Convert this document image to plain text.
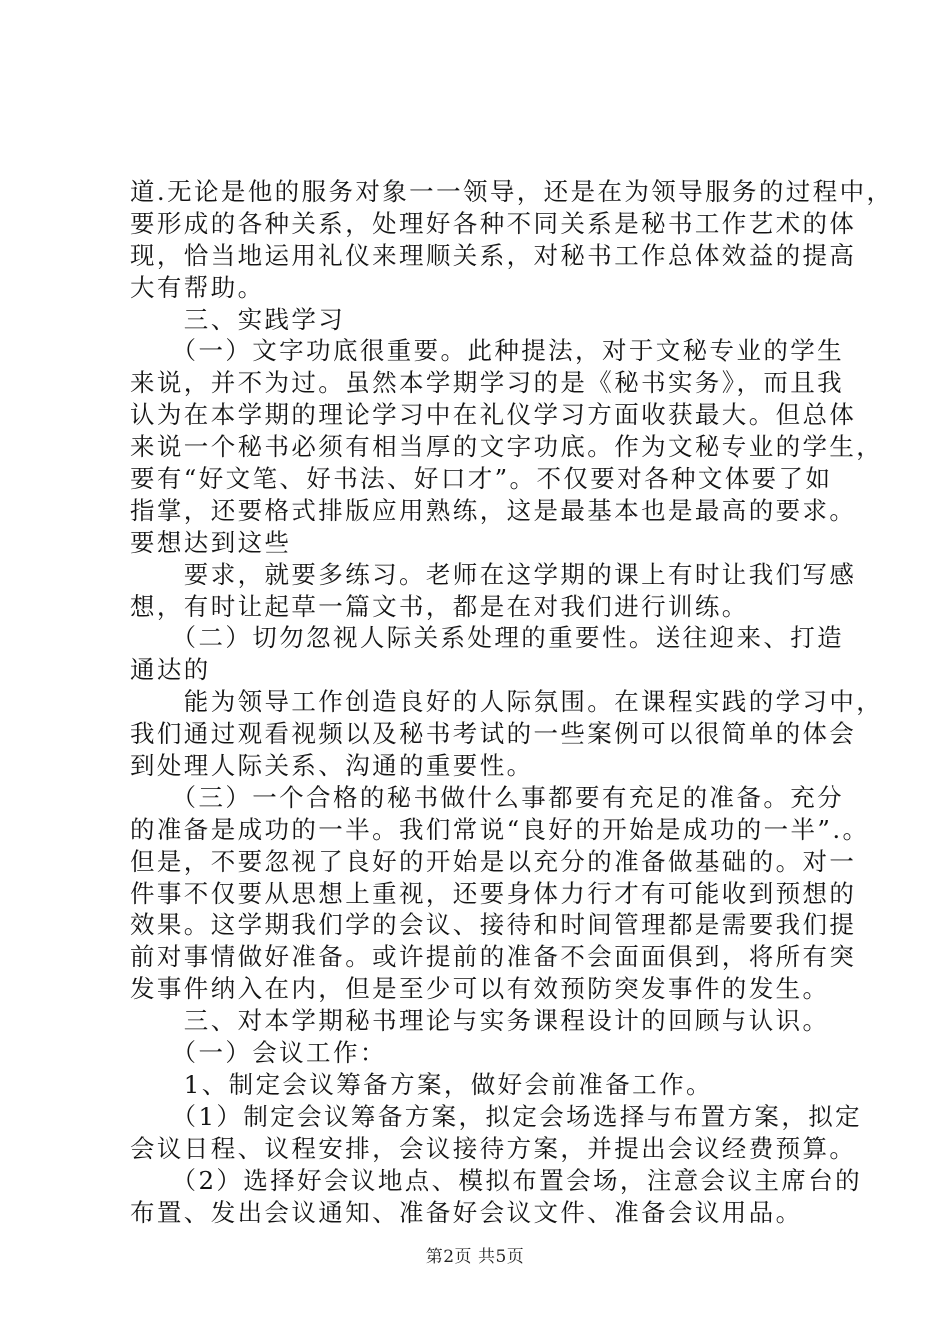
道.无论是他的服务对象一一领导，还是在为领导服务的过程中，
要形成的各种关系，处理好各种不同关系是秘书工作艺术的体
现，恰当地运用礼仪来理顺关系，对秘书工作总体效益的提高
大有帮助。
　　三、实践学习
　　（一）文字功底很重要。此种提法，对于文秘专业的学生
来说，并不为过。虽然本学期学习的是《秘书实务》，而且我
认为在本学期的理论学习中在礼仪学习方面收获最大。但总体
来说一个秘书必须有相当厚的文字功底。作为文秘专业的学生，
要有“好文笔、好书法、好口才”。不仅要对各种文体要了如
指掌，还要格式排版应用熟练，这是最基本也是最高的要求。
要想达到这些
　　要求，就要多练习。老师在这学期的课上有时让我们写感
想，有时让起草一篇文书，都是在对我们进行训练。
　　（二）切勿忽视人际关系处理的重要性。送往迎来、打造
通达的
　　能为领导工作创造良好的人际氛围。在课程实践的学习中，
我们通过观看视频以及秘书考试的一些案例可以很简单的体会
到处理人际关系、沟通的重要性。
　　（三）一个合格的秘书做什么事都要有充足的准备。充分
的准备是成功的一半。我们常说“良好的开始是成功的一半”.。
但是，不要忽视了良好的开始是以充分的准备做基础的。对一
件事不仅要从思想上重视，还要身体力行才有可能收到预想的
效果。这学期我们学的会议、接待和时间管理都是需要我们提
前对事情做好准备。或许提前的准备不会面面俱到，将所有突
发事件纳入在内，但是至少可以有效预防突发事件的发生。
　　三、对本学期秘书理论与实务课程设计的回顾与认识。
　　（一）会议工作：
　　1、制定会议筹备方案，做好会前准备工作。
　　（1）制定会议筹备方案，拟定会场选择与布置方案，拟定
会议日程、议程安排，会议接待方案，并提出会议经费预算。
　　（2）选择好会议地点、模拟布置会场，注意会议主席台的
布置、发出会议通知、准备好会议文件、准备会议用品。
第2页 共5页
